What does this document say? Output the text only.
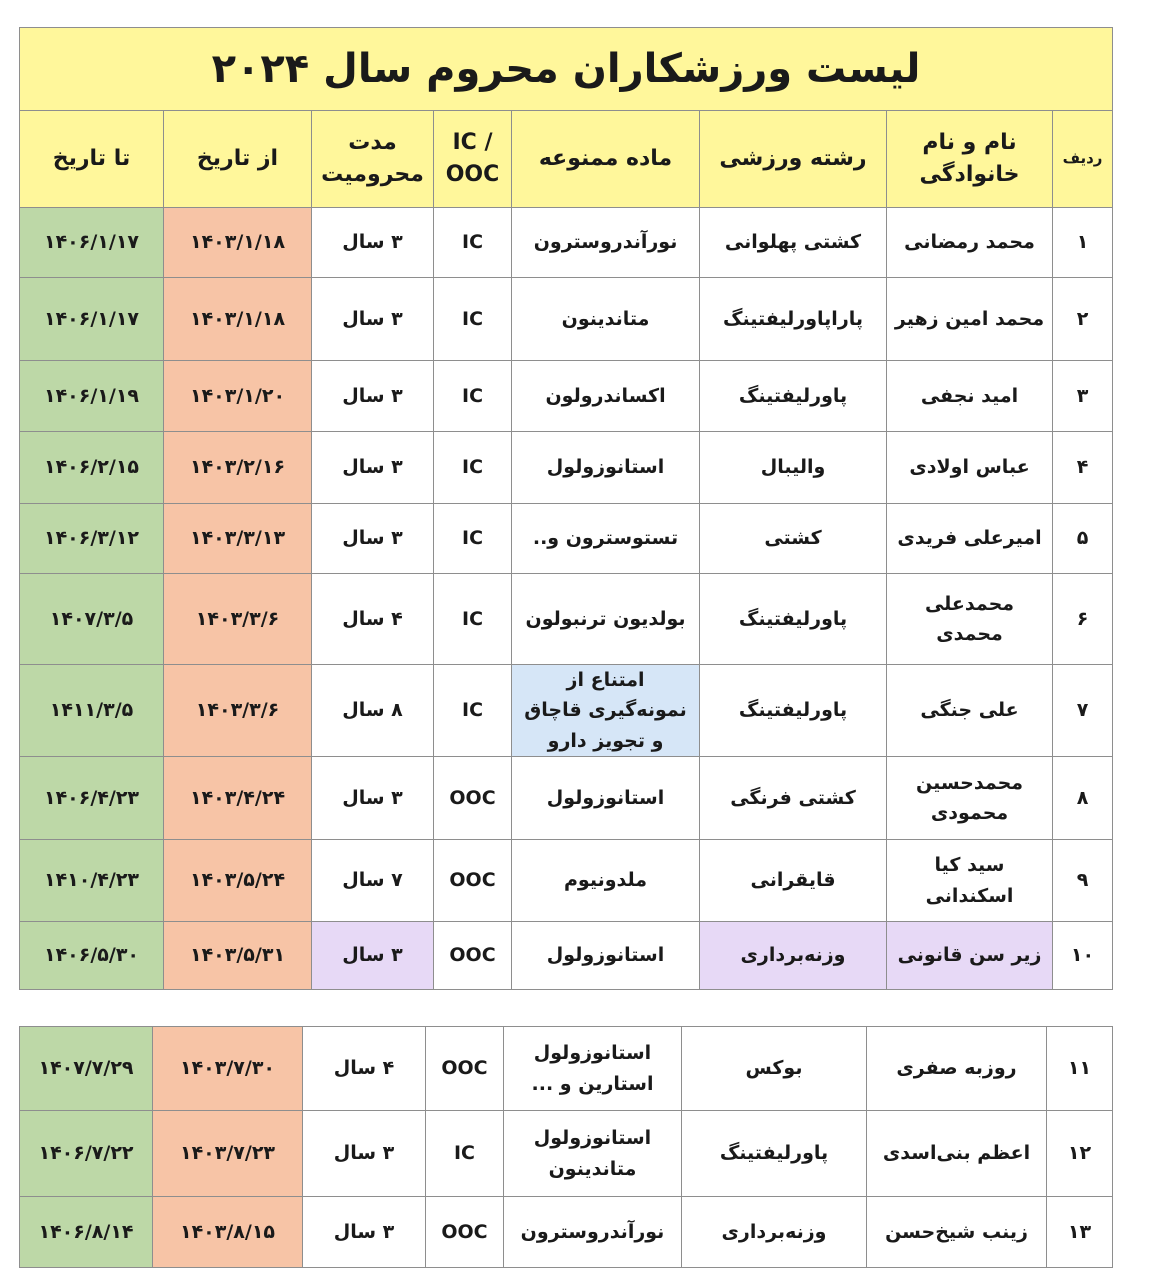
لیست ورزشکاران محروم سال ۲۰۲۴							
ردیف	نام و نام خانوادگی	رشته ورزشی	ماده ممنوعه	IC / OOC	مدت محرومیت	از تاریخ	تا تاریخ
۱	محمد رمضانی	کشتی پهلوانی	نورآندروسترون	IC	۳ سال	۱۴۰۳/۱/۱۸	۱۴۰۶/۱/۱۷
۲	محمد امین زهیر	پاراپاورلیفتینگ	متاندینون	IC	۳ سال	۱۴۰۳/۱/۱۸	۱۴۰۶/۱/۱۷
۳	امید نجفی	پاورلیفتینگ	اکساندرولون	IC	۳ سال	۱۴۰۳/۱/۲۰	۱۴۰۶/۱/۱۹
۴	عباس اولادی	والیبال	استانوزولول	IC	۳ سال	۱۴۰۳/۲/۱۶	۱۴۰۶/۲/۱۵
۵	امیرعلی فریدی	کشتی	تستوسترون و..	IC	۳ سال	۱۴۰۳/۳/۱۳	۱۴۰۶/۳/۱۲
۶	محمدعلی محمدی	پاورلیفتینگ	بولدیون ترنبولون	IC	۴ سال	۱۴۰۳/۳/۶	۱۴۰۷/۳/۵
۷	علی جنگی	پاورلیفتینگ	امتناع از نمونه‌گیری قاچاق و تجویز دارو	IC	۸ سال	۱۴۰۳/۳/۶	۱۴۱۱/۳/۵
۸	محمدحسین محمودی	کشتی فرنگی	استانوزولول	OOC	۳ سال	۱۴۰۳/۴/۲۴	۱۴۰۶/۴/۲۳
۹	سید کیا اسکندانی	قایقرانی	ملدونیوم	OOC	۷ سال	۱۴۰۳/۵/۲۴	۱۴۱۰/۴/۲۳
۱۰	زیر سن قانونی	وزنه‌برداری	استانوزولول	OOC	۳ سال	۱۴۰۳/۵/۳۱	۱۴۰۶/۵/۳۰
۱۱	روزبه صفری	بوکس	استانوزولول استارین و ...	OOC	۴ سال	۱۴۰۳/۷/۳۰	۱۴۰۷/۷/۲۹
۱۲	اعظم بنی‌اسدی	پاورلیفتینگ	استانوزولول متاندینون	IC	۳ سال	۱۴۰۳/۷/۲۳	۱۴۰۶/۷/۲۲
۱۳	زینب شیخ‌حسن	وزنه‌برداری	نورآندروسترون	OOC	۳ سال	۱۴۰۳/۸/۱۵	۱۴۰۶/۸/۱۴
